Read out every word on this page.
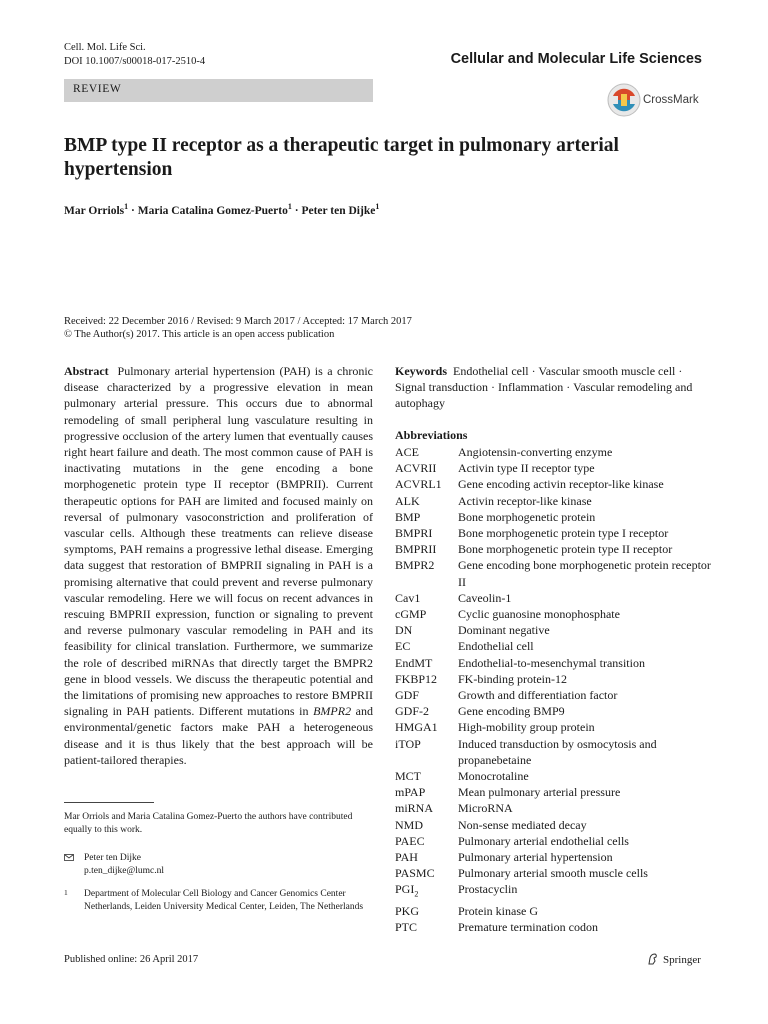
Cell. Mol. Life Sci.
DOI 10.1007/s00018-017-2510-4	Cellular and Molecular Life Sciences
REVIEW
CrossMark
BMP type II receptor as a therapeutic target in pulmonary arterial hypertension
Mar Orriols$^1$ · Maria Catalina Gomez-Puerto$^1$ · Peter ten Dijke$^1$
Received: 22 December 2016 / Revised: 9 March 2017 / Accepted: 17 March 2017
© The Author(s) 2017. This article is an open access publication
Abstract Pulmonary arterial hypertension (PAH) is a chronic disease characterized by a progressive elevation in mean pulmonary arterial pressure. This occurs due to abnormal remodeling of small peripheral lung vasculature resulting in progressive occlusion of the artery lumen that eventually causes right heart failure and death. The most common cause of PAH is inactivating mutations in the gene encoding a bone morphogenetic protein type II receptor (BMPRII). Current therapeutic options for PAH are limited and focused mainly on reversal of pulmonary vasoconstriction and proliferation of vascular cells. Although these treatments can relieve disease symptoms, PAH remains a progressive lethal disease. Emerging data suggest that restoration of BMPRII signaling in PAH is a promising alternative that could prevent and reverse pulmonary vascular remodeling. Here we will focus on recent advances in rescuing BMPRII expression, function or signaling to prevent and reverse pulmonary vascular remodeling in PAH and its feasibility for clinical translation. Furthermore, we summarize the role of described miRNAs that directly target the BMPR2 gene in blood vessels. We discuss the therapeutic potential and the limitations of promising new approaches to restore BMPRII signaling in PAH patients. Different mutations in BMPR2 and environmental/genetic factors make PAH a heterogeneous disease and it is thus likely that the best approach will be patient-tailored therapies.
Mar Orriols and Maria Catalina Gomez-Puerto the authors have contributed equally to this work.
Peter ten Dijke
p.ten_dijke@lumc.nl
1 Department of Molecular Cell Biology and Cancer Genomics Center Netherlands, Leiden University Medical Center, Leiden, The Netherlands
Keywords Endothelial cell · Vascular smooth muscle cell · Signal transduction · Inflammation · Vascular remodeling and autophagy
Abbreviations
ACE	Angiotensin-converting enzyme
ACVRII	Activin type II receptor type
ACVRL1	Gene encoding activin receptor-like kinase
ALK	Activin receptor-like kinase
BMP	Bone morphogenetic protein
BMPRI	Bone morphogenetic protein type I receptor
BMPRII	Bone morphogenetic protein type II receptor
BMPR2	Gene encoding bone morphogenetic protein receptor II
Cav1	Caveolin-1
cGMP	Cyclic guanosine monophosphate
DN	Dominant negative
EC	Endothelial cell
EndMT	Endothelial-to-mesenchymal transition
FKBP12	FK-binding protein-12
GDF	Growth and differentiation factor
GDF-2	Gene encoding BMP9
HMGA1	High-mobility group protein
iTOP	Induced transduction by osmocytosis and propanebetaine
MCT	Monocrotaline
mPAP	Mean pulmonary arterial pressure
miRNA	MicroRNA
NMD	Non-sense mediated decay
PAEC	Pulmonary arterial endothelial cells
PAH	Pulmonary arterial hypertension
PASMC	Pulmonary arterial smooth muscle cells
$PGI_2$	Prostacyclin
PKG	Protein kinase G
PTC	Premature termination codon
Published online: 26 April 2017	Springer
